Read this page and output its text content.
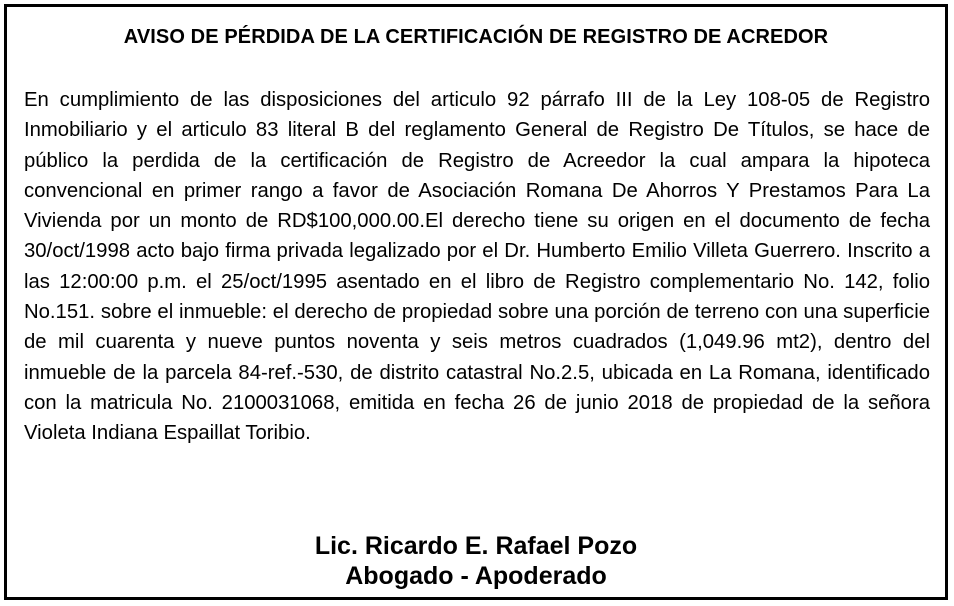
AVISO DE PÉRDIDA DE LA CERTIFICACIÓN DE REGISTRO DE ACREDOR

En cumplimiento de las disposiciones del articulo 92 párrafo III de la Ley 108-05 de Registro Inmobiliario y el articulo 83 literal B del reglamento General de Registro De Títulos, se hace de público la perdida de la certificación de Registro de Acreedor la cual ampara la hipoteca convencional en primer rango a favor de Asociación Romana De Ahorros Y Prestamos Para La Vivienda por un monto de RD$100,000.00.El derecho tiene su origen en el documento de fecha 30/oct/1998 acto bajo firma privada legalizado por el Dr. Humberto Emilio Villeta Guerrero. Inscrito a las 12:00:00 p.m. el 25/oct/1995 asentado en el libro de Registro complementario No. 142, folio No.151. sobre el inmueble: el derecho de propiedad sobre una porción de terreno con una superficie de mil cuarenta y nueve puntos noventa y seis metros cuadrados (1,049.96 mt2), dentro del inmueble de la parcela 84-ref.-530, de distrito catastral No.2.5, ubicada en La Romana, identificado con la matricula No. 2100031068, emitida en fecha 26 de junio 2018 de propiedad de la señora Violeta Indiana Espaillat Toribio.

Lic. Ricardo E. Rafael Pozo
Abogado - Apoderado
